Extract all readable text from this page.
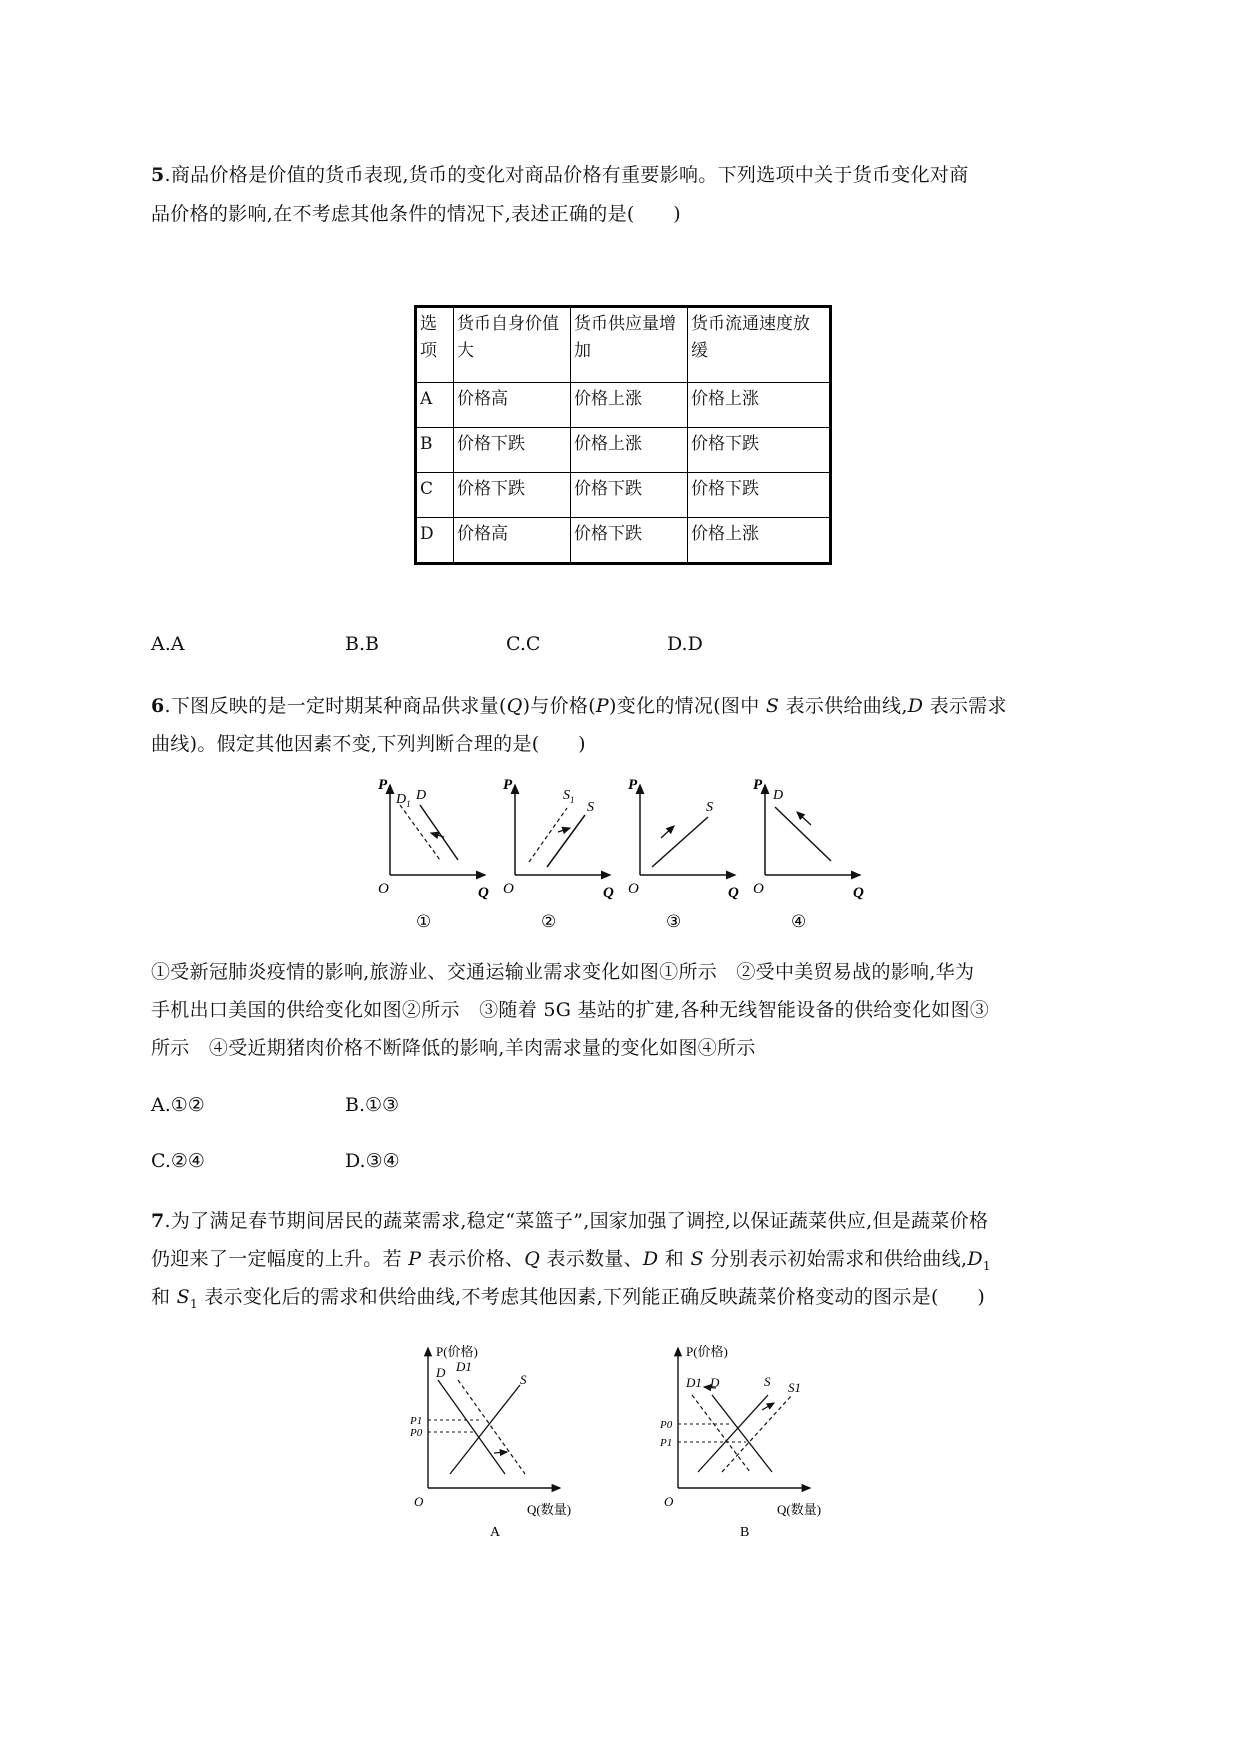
5.商品价格是价值的货币表现,货币的变化对商品价格有重要影响。下列选项中关于货币变化对商
品价格的影响,在不考虑其他条件的情况下,表述正确的是(　　)
选项	货币自身价值大	货币供应量增加	货币流通速度放缓
A	价格高	价格上涨	价格上涨
B	价格下跌	价格上涨	价格下跌
C	价格下跌	价格下跌	价格下跌
D	价格高	价格下跌	价格上涨
A.A	B.B	C.C	D.D
6.下图反映的是一定时期某种商品供求量(Q)与价格(P)变化的情况(图中 S 表示供给曲线,D 表示需求
曲线)。假定其他因素不变,下列判断合理的是(　　)
P
O	Q
$D_1$
D
①
P
O	Q
$S_1$ S
②
P
O	Q
S
③
P
O	Q
D
④
①受新冠肺炎疫情的影响,旅游业、交通运输业需求变化如图①所示　②受中美贸易战的影响,华为
手机出口美国的供给变化如图②所示　③随着 5G 基站的扩建,各种无线智能设备的供给变化如图③
所示　④受近期猪肉价格不断降低的影响,羊肉需求量的变化如图④所示
A.①②	B.①③
C.②④	D.③④
7.为了满足春节期间居民的蔬菜需求,稳定“菜篮子”,国家加强了调控,以保证蔬菜供应,但是蔬菜价格
仍迎来了一定幅度的上升。若 P 表示价格、Q 表示数量、D 和 S 分别表示初始需求和供给曲线$,D_1$
和 $S_1$ 表示变化后的需求和供给曲线,不考虑其他因素,下列能正确反映蔬菜价格变动的图示是(　　)
P(价格)
Q(数量)
O
D D1
S
P1
P0
A
P(价格)
Q(数量)
O
D1 D	S S1
P0
P1
B
